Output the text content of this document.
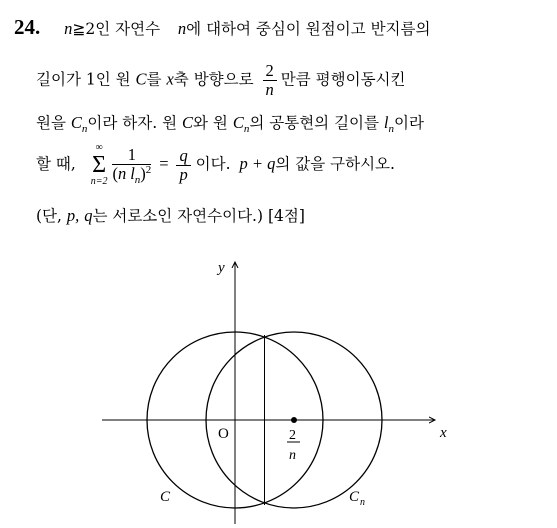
24. n≧2인 자연수 n에 대하여 중심이 원점이고 반지름의
길이가 1인 원 C를 x축 방향으로 $\frac{2}{n}$ 만큼 평행이동시킨
원을 $C_n$이라 하자. 원 C와 원 $C_n$의 공통현의 길이를 $l_n$이라
할 때,
∞
Σ
n=2
$\frac{1}{(n l_n)^2} = \frac{q}{p}$ 이다. p + q의 값을 구하시오.
(단, p, q는 서로소인 자연수이다.) [4점]
y
x
O	2
n
C	C n
